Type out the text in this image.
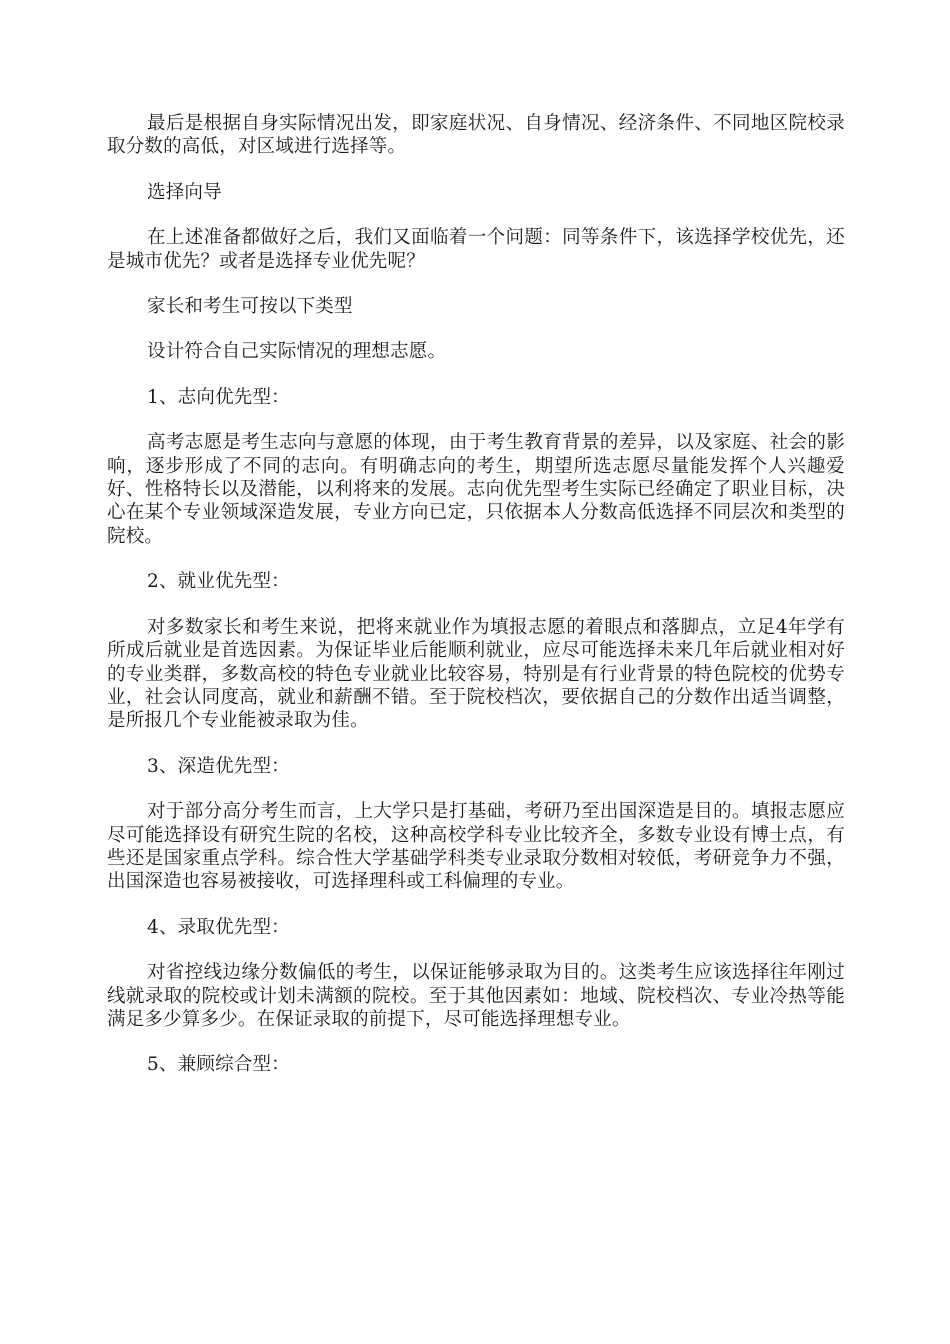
最后是根据自身实际情况出发，即家庭状况、自身情况、经济条件、不同地区院校录取分数的高低，对区域进行选择等。

选择向导

在上述准备都做好之后，我们又面临着一个问题：同等条件下，该选择学校优先，还是城市优先？或者是选择专业优先呢？

家长和考生可按以下类型

设计符合自己实际情况的理想志愿。

1、志向优先型：

高考志愿是考生志向与意愿的体现，由于考生教育背景的差异，以及家庭、社会的影响，逐步形成了不同的志向。有明确志向的考生，期望所选志愿尽量能发挥个人兴趣爱好、性格特长以及潜能，以利将来的发展。志向优先型考生实际已经确定了职业目标，决心在某个专业领域深造发展，专业方向已定，只依据本人分数高低选择不同层次和类型的院校。

2、就业优先型：

对多数家长和考生来说，把将来就业作为填报志愿的着眼点和落脚点，立足4年学有所成后就业是首选因素。为保证毕业后能顺利就业，应尽可能选择未来几年后就业相对好的专业类群，多数高校的特色专业就业比较容易，特别是有行业背景的特色院校的优势专业，社会认同度高，就业和薪酬不错。至于院校档次，要依据自己的分数作出适当调整，是所报几个专业能被录取为佳。

3、深造优先型：

对于部分高分考生而言，上大学只是打基础，考研乃至出国深造是目的。填报志愿应尽可能选择设有研究生院的名校，这种高校学科专业比较齐全，多数专业设有博士点，有些还是国家重点学科。综合性大学基础学科类专业录取分数相对较低，考研竞争力不强，出国深造也容易被接收，可选择理科或工科偏理的专业。

4、录取优先型：

对省控线边缘分数偏低的考生，以保证能够录取为目的。这类考生应该选择往年刚过线就录取的院校或计划未满额的院校。至于其他因素如：地域、院校档次、专业冷热等能满足多少算多少。在保证录取的前提下，尽可能选择理想专业。

5、兼顾综合型：
